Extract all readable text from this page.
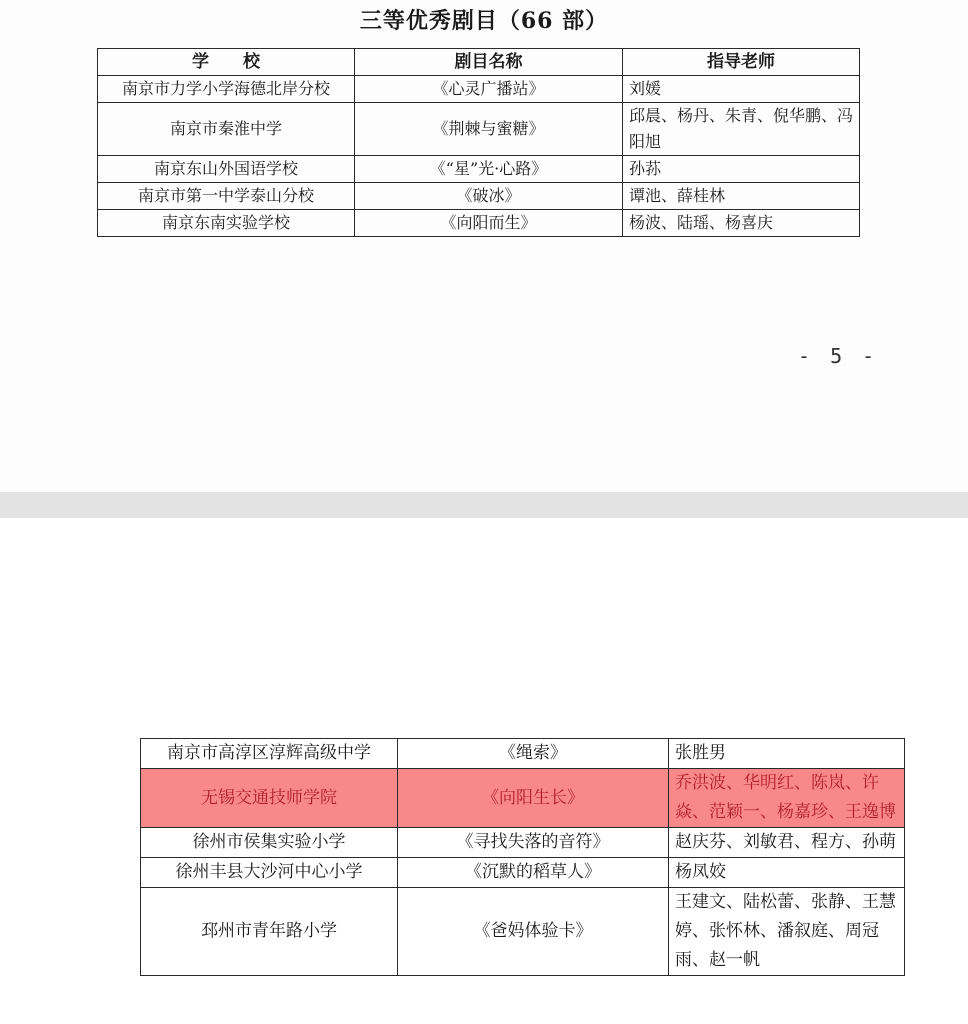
三等优秀剧目（66 部）
学　　校	剧目名称	指导老师
南京市力学小学海德北岸分校	《心灵广播站》	刘媛
南京市秦淮中学	《荆棘与蜜糖》	邱晨、杨丹、朱青、倪华鹏、冯阳旭
南京东山外国语学校	《“星”光·心路》	孙荪
南京市第一中学泰山分校	《破冰》	谭池、薛桂林
南京东南实验学校	《向阳而生》	杨波、陆瑶、杨喜庆
- 5 -
南京市高淳区淳辉高级中学	《绳索》	张胜男
无锡交通技师学院	《向阳生长》	乔洪波、华明红、陈岚、许焱、范颖一、杨嘉珍、王逸博
徐州市侯集实验小学	《寻找失落的音符》	赵庆芬、刘敏君、程方、孙萌
徐州丰县大沙河中心小学	《沉默的稻草人》	杨凤姣
邳州市青年路小学	《爸妈体验卡》	王建文、陆松蕾、张静、王慧婷、张怀林、潘叙庭、周冠雨、赵一帆
